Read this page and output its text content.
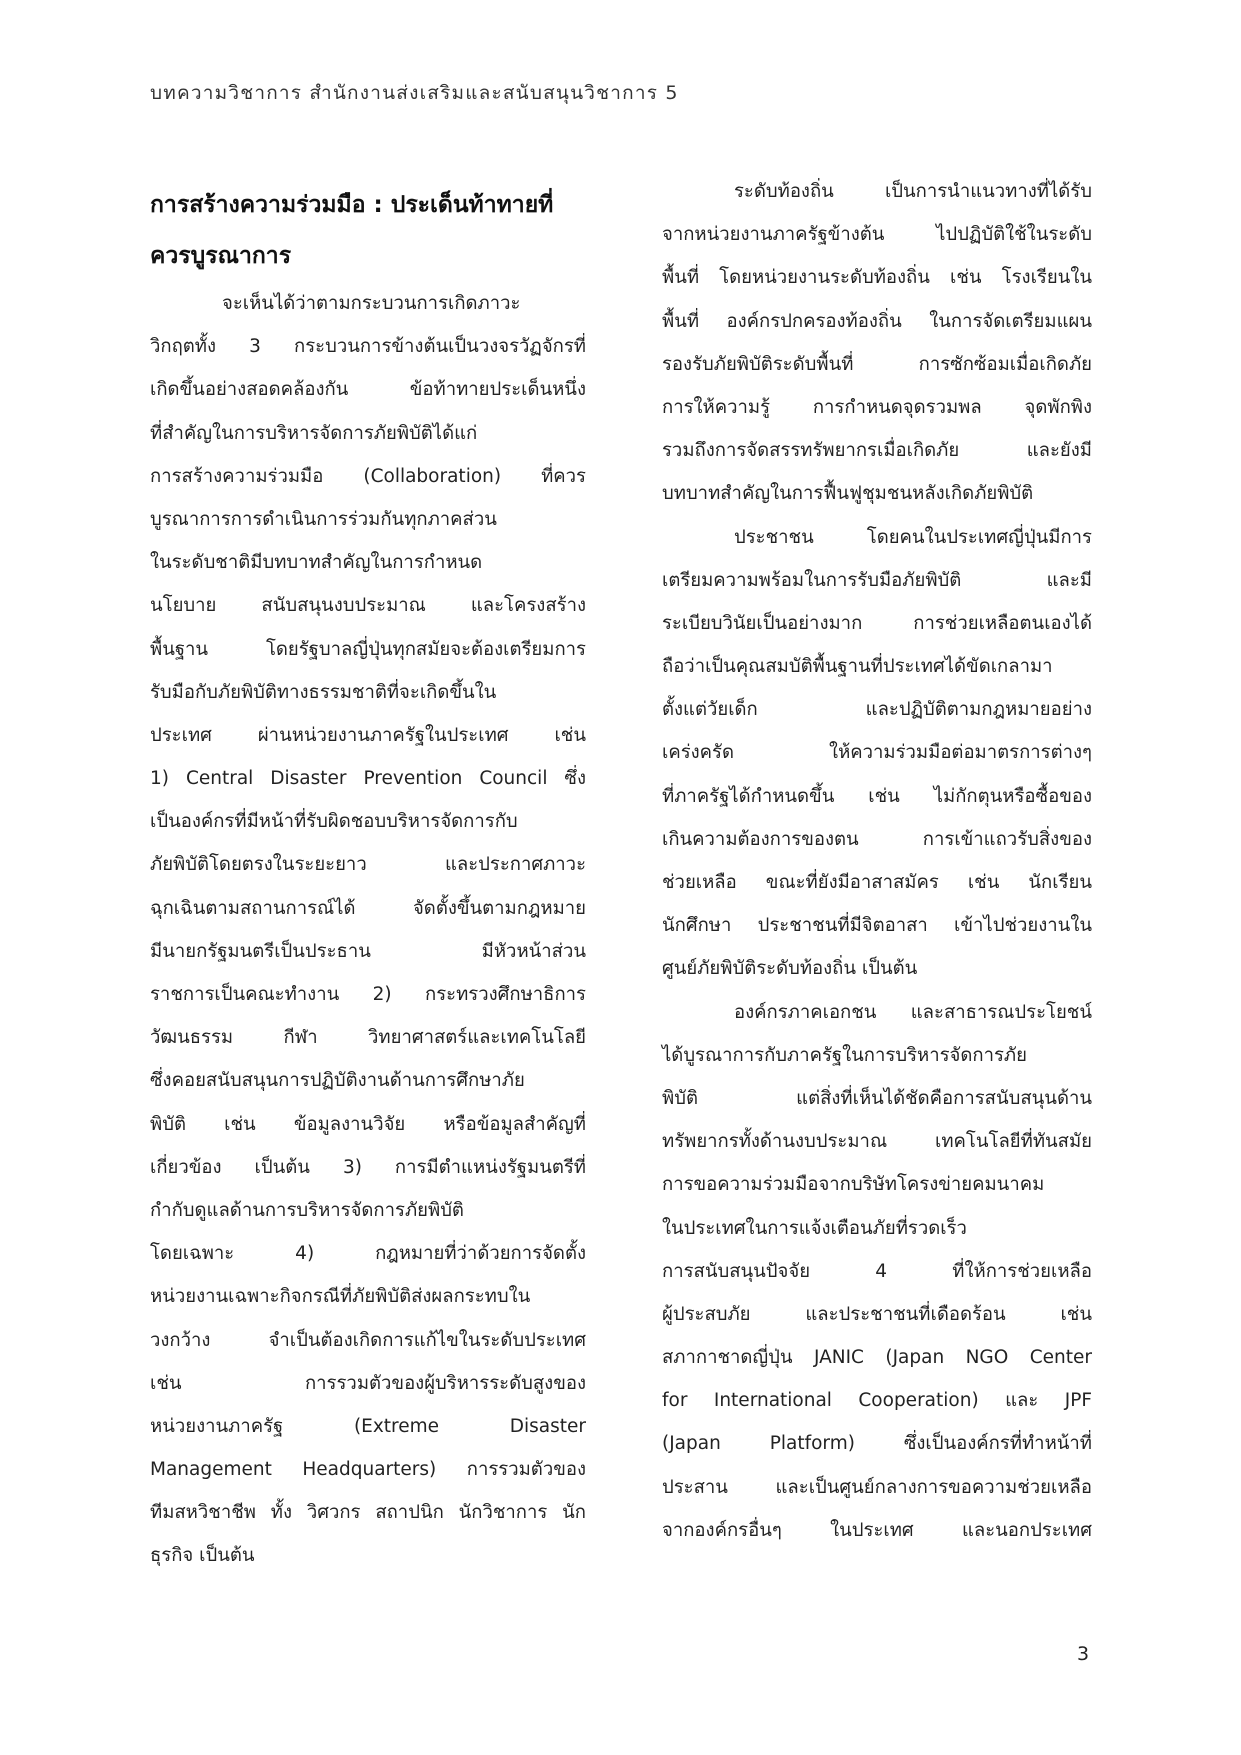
บทความวิชาการ สำนักงานส่งเสริมและสนับสนุนวิชาการ 5
การสร้างความร่วมมือ : ประเด็นท้าทายที่
ควรบูรณาการ
จะเห็นได้ว่าตามกระบวนการเกิดภาวะ
วิกฤตทั้ง 3 กระบวนการข้างต้นเป็นวงจรวัฏจักรที่
เกิดขึ้นอย่างสอดคล้องกัน ข้อท้าทายประเด็นหนึ่ง
ที่สำคัญในการบริหารจัดการภัยพิบัติได้แก่
การสร้างความร่วมมือ (Collaboration) ที่ควร
บูรณาการการดำเนินการร่วมกันทุกภาคส่วน
ในระดับชาติมีบทบาทสำคัญในการกำหนด
นโยบาย สนับสนุนงบประมาณ และโครงสร้าง
พื้นฐาน โดยรัฐบาลญี่ปุ่นทุกสมัยจะต้องเตรียมการ
รับมือกับภัยพิบัติทางธรรมชาติที่จะเกิดขึ้นใน
ประเทศ ผ่านหน่วยงานภาครัฐในประเทศ เช่น
1) Central Disaster Prevention Council ซึ่ง
เป็นองค์กรที่มีหน้าที่รับผิดชอบบริหารจัดการกับ
ภัยพิบัติโดยตรงในระยะยาว และประกาศภาวะ
ฉุกเฉินตามสถานการณ์ได้ จัดตั้งขึ้นตามกฎหมาย
มีนายกรัฐมนตรีเป็นประธาน มีหัวหน้าส่วน
ราชการเป็นคณะทำงาน 2) กระทรวงศึกษาธิการ
วัฒนธรรม กีฬา วิทยาศาสตร์และเทคโนโลยี
ซึ่งคอยสนับสนุนการปฏิบัติงานด้านการศึกษาภัย
พิบัติ เช่น ข้อมูลงานวิจัย หรือข้อมูลสำคัญที่
เกี่ยวข้อง เป็นต้น 3) การมีตำแหน่งรัฐมนตรีที่
กำกับดูแลด้านการบริหารจัดการภัยพิบัติ
โดยเฉพาะ 4) กฎหมายที่ว่าด้วยการจัดตั้ง
หน่วยงานเฉพาะกิจกรณีที่ภัยพิบัติส่งผลกระทบใน
วงกว้าง จำเป็นต้องเกิดการแก้ไขในระดับประเทศ
เช่น การรวมตัวของผู้บริหารระดับสูงของ
หน่วยงานภาครัฐ (Extreme Disaster
Management Headquarters) การรวมตัวของ
ทีมสหวิชาชีพ ทั้ง วิศวกร สถาปนิก นักวิชาการ นัก
ธุรกิจ เป็นต้น
ระดับท้องถิ่น เป็นการนำแนวทางที่ได้รับ
จากหน่วยงานภาครัฐข้างต้น ไปปฏิบัติใช้ในระดับ
พื้นที่ โดยหน่วยงานระดับท้องถิ่น เช่น โรงเรียนใน
พื้นที่ องค์กรปกครองท้องถิ่น ในการจัดเตรียมแผน
รองรับภัยพิบัติระดับพื้นที่ การซักซ้อมเมื่อเกิดภัย
การให้ความรู้ การกำหนดจุดรวมพล จุดพักพิง
รวมถึงการจัดสรรทรัพยากรเมื่อเกิดภัย และยังมี
บทบาทสำคัญในการฟื้นฟูชุมชนหลังเกิดภัยพิบัติ
ประชาชน โดยคนในประเทศญี่ปุ่นมีการ
เตรียมความพร้อมในการรับมือภัยพิบัติ และมี
ระเบียบวินัยเป็นอย่างมาก การช่วยเหลือตนเองได้
ถือว่าเป็นคุณสมบัติพื้นฐานที่ประเทศได้ขัดเกลามา
ตั้งแต่วัยเด็ก และปฏิบัติตามกฎหมายอย่าง
เคร่งครัด ให้ความร่วมมือต่อมาตรการต่างๆ
ที่ภาครัฐได้กำหนดขึ้น เช่น ไม่กักตุนหรือซื้อของ
เกินความต้องการของตน การเข้าแถวรับสิ่งของ
ช่วยเหลือ ขณะที่ยังมีอาสาสมัคร เช่น นักเรียน
นักศึกษา ประชาชนที่มีจิตอาสา เข้าไปช่วยงานใน
ศูนย์ภัยพิบัติระดับท้องถิ่น เป็นต้น
องค์กรภาคเอกชน และสาธารณประโยชน์
ได้บูรณาการกับภาครัฐในการบริหารจัดการภัย
พิบัติ แต่สิ่งที่เห็นได้ชัดคือการสนับสนุนด้าน
ทรัพยากรทั้งด้านงบประมาณ เทคโนโลยีที่ทันสมัย
การขอความร่วมมือจากบริษัทโครงข่ายคมนาคม
ในประเทศในการแจ้งเตือนภัยที่รวดเร็ว
การสนับสนุนปัจจัย 4 ที่ให้การช่วยเหลือ
ผู้ประสบภัย และประชาชนที่เดือดร้อน เช่น
สภากาชาดญี่ปุ่น JANIC (Japan NGO Center
for International Cooperation) และ JPF
(Japan Platform) ซึ่งเป็นองค์กรที่ทำหน้าที่
ประสาน และเป็นศูนย์กลางการขอความช่วยเหลือ
จากองค์กรอื่นๆ ในประเทศ และนอกประเทศ
3
